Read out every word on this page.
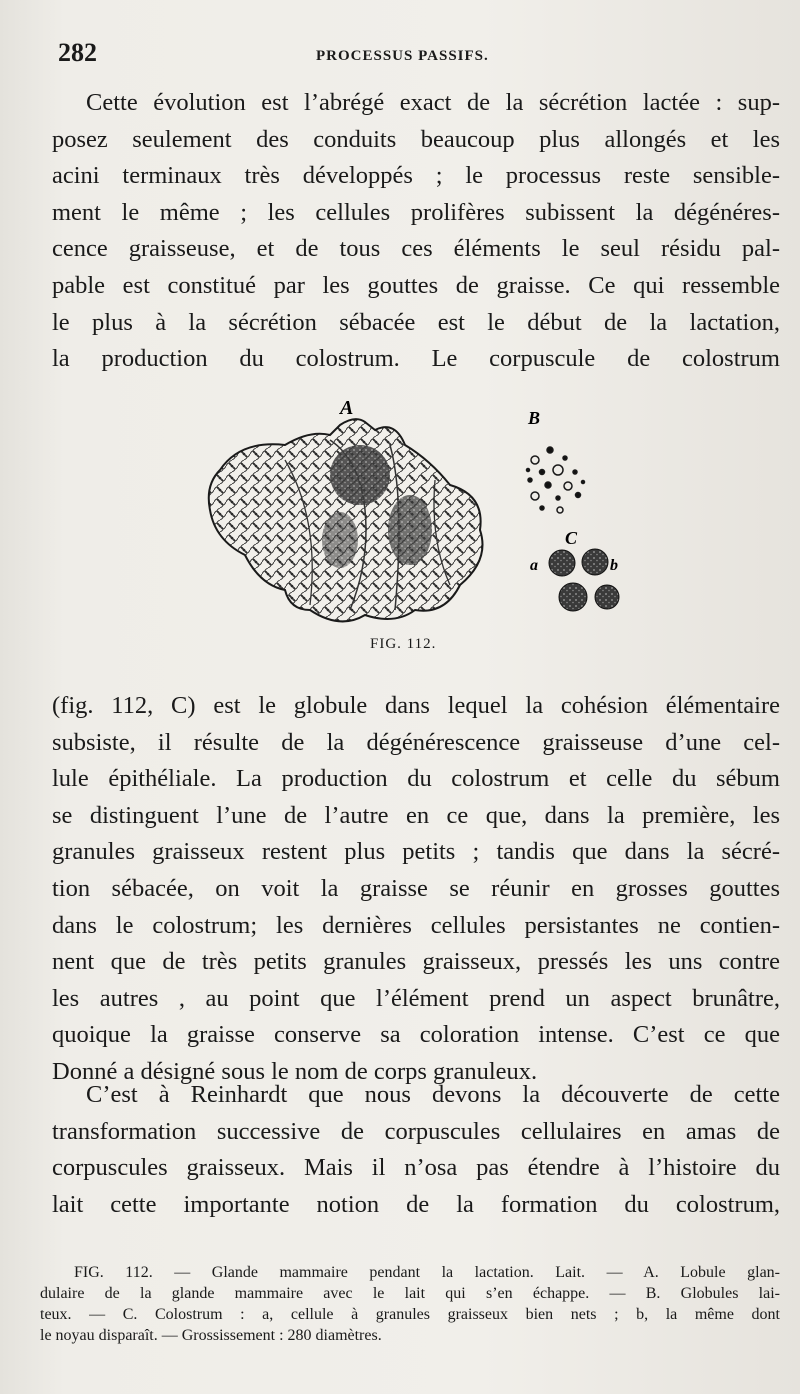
282	PROCESSUS PASSIFS.
Cette évolution est l’abrégé exact de la sécrétion lactée : sup-
posez seulement des conduits beaucoup plus allongés et les
acini terminaux très développés ; le processus reste sensible-
ment le même ; les cellules prolifères subissent la dégénéres-
cence graisseuse, et de tous ces éléments le seul résidu pal-
pable est constitué par les gouttes de graisse. Ce qui ressemble
le plus à la sécrétion sébacée est le début de la lactation,
la production du colostrum. Le corpuscule de colostrum
A	B
C
a	b
FIG. 112.
(fig. 112, C) est le globule dans lequel la cohésion élémentaire
subsiste, il résulte de la dégénérescence graisseuse d’une cel-
lule épithéliale. La production du colostrum et celle du sébum
se distinguent l’une de l’autre en ce que, dans la première, les
granules graisseux restent plus petits ; tandis que dans la sécré-
tion sébacée, on voit la graisse se réunir en grosses gouttes
dans le colostrum; les dernières cellules persistantes ne contien-
nent que de très petits granules graisseux, pressés les uns contre
les autres , au point que l’élément prend un aspect brunâtre,
quoique la graisse conserve sa coloration intense. C’est ce que
Donné a désigné sous le nom de corps granuleux.
C’est à Reinhardt que nous devons la découverte de cette
transformation successive de corpuscules cellulaires en amas de
corpuscules graisseux. Mais il n’osa pas étendre à l’histoire du
lait cette importante notion de la formation du colostrum,
FIG. 112. — Glande mammaire pendant la lactation. Lait. — A. Lobule glan-
dulaire de la glande mammaire avec le lait qui s’en échappe. — B. Globules lai-
teux. — C. Colostrum : a, cellule à granules graisseux bien nets ; b, la même dont
le noyau disparaît. — Grossissement : 280 diamètres.
